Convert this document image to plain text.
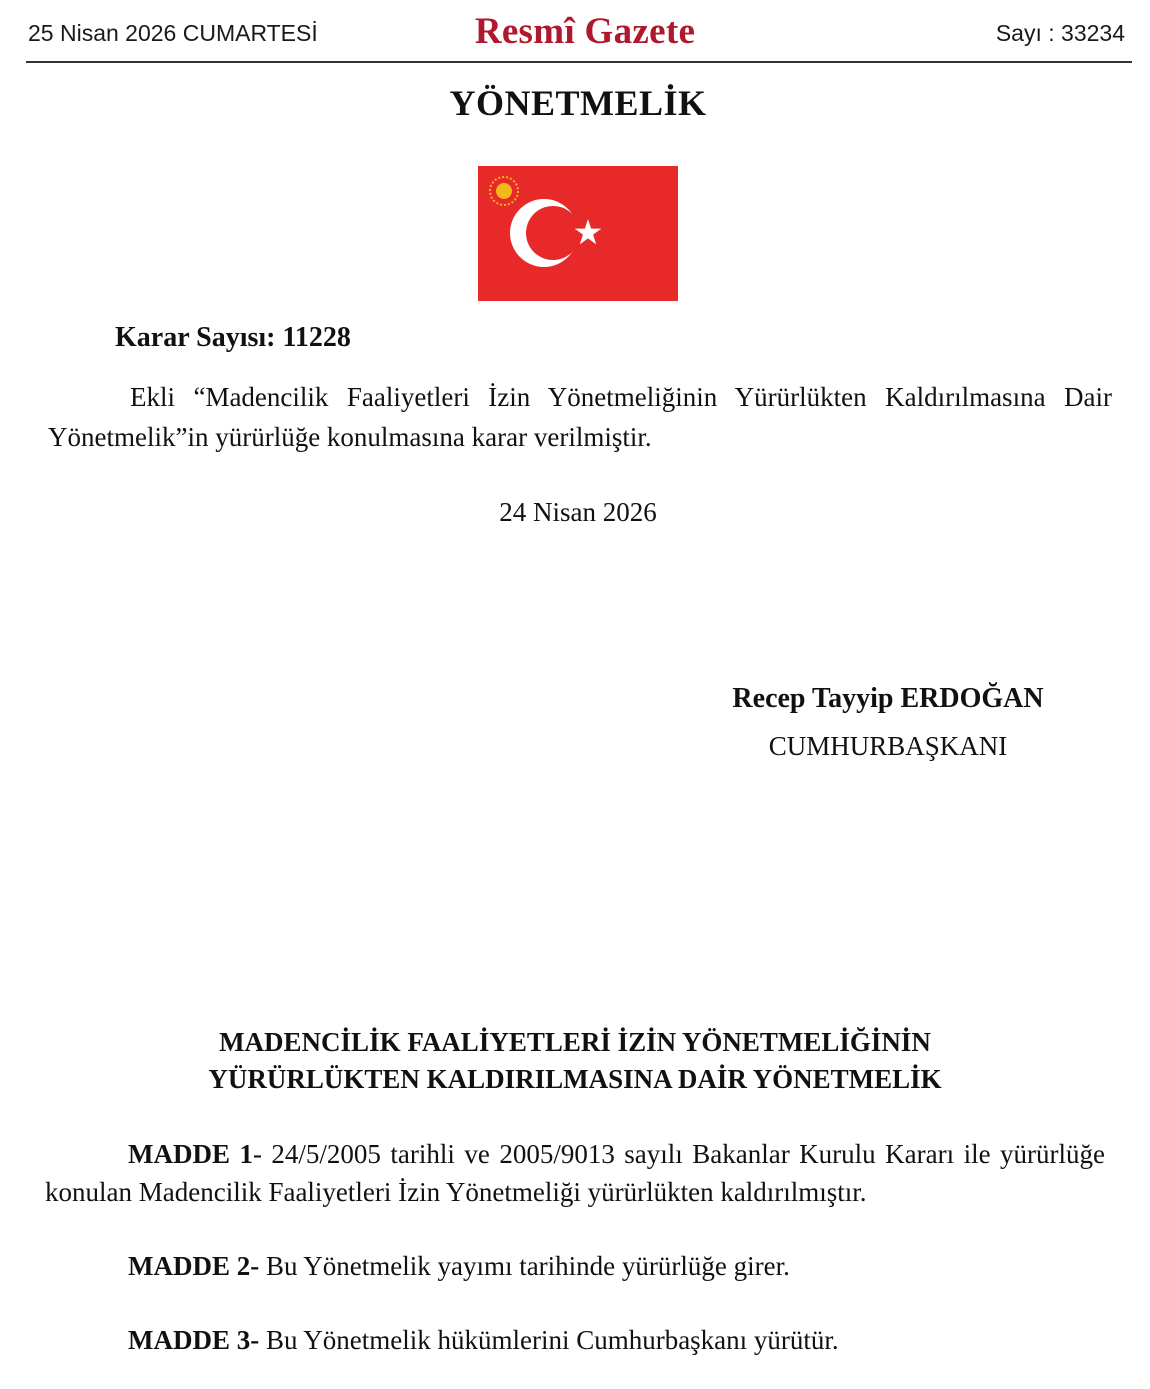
25 Nisan 2026 CUMARTESİ	Resmî Gazete	Sayı : 33234
YÖNETMELİK
Karar Sayısı: 11228
Ekli “Madencilik Faaliyetleri İzin Yönetmeliğinin Yürürlükten Kaldırılmasına Dair Yönetmelik”in yürürlüğe konulmasına karar verilmiştir.
24 Nisan 2026
Recep Tayyip ERDOĞAN
CUMHURBAŞKANI
MADENCİLİK FAALİYETLERİ İZİN YÖNETMELİĞİNİN
YÜRÜRLÜKTEN KALDIRILMASINA DAİR YÖNETMELİK
MADDE 1- 24/5/2005 tarihli ve 2005/9013 sayılı Bakanlar Kurulu Kararı ile yürürlüğe konulan Madencilik Faaliyetleri İzin Yönetmeliği yürürlükten kaldırılmıştır.
MADDE 2- Bu Yönetmelik yayımı tarihinde yürürlüğe girer.
MADDE 3- Bu Yönetmelik hükümlerini Cumhurbaşkanı yürütür.
